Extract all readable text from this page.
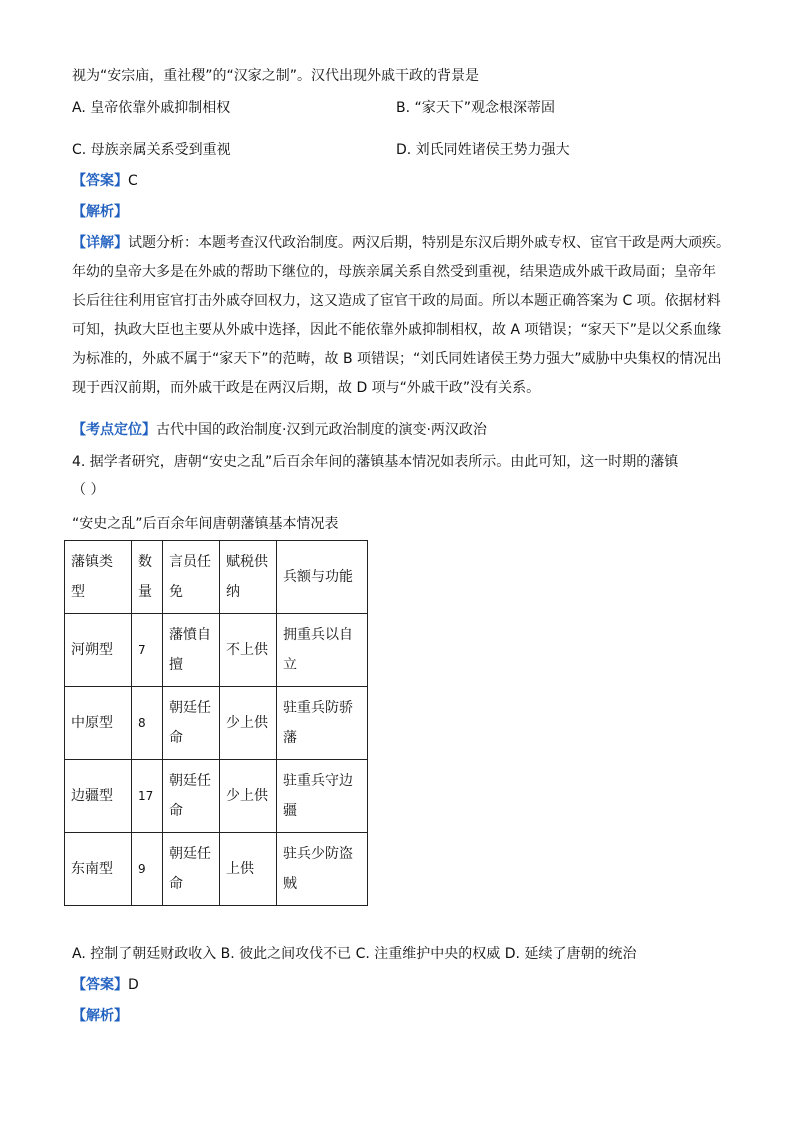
视为“安宗庙，重社稷”的“汉家之制”。汉代出现外戚干政的背景是
A. 皇帝依靠外戚抑制相权	B. “家天下”观念根深蒂固
C. 母族亲属关系受到重视	D. 刘氏同姓诸侯王势力强大
【答案】C
【解析】
【详解】试题分析：本题考查汉代政治制度。两汉后期，特别是东汉后期外戚专权、宦官干政是两大顽疾。
年幼的皇帝大多是在外戚的帮助下继位的，母族亲属关系自然受到重视，结果造成外戚干政局面；皇帝年
长后往往利用宦官打击外戚夺回权力，这又造成了宦官干政的局面。所以本题正确答案为 C 项。依据材料
可知，执政大臣也主要从外戚中选择，因此不能依靠外戚抑制相权，故 A 项错误；“家天下”是以父系血缘
为标准的，外戚不属于“家天下”的范畴，故 B 项错误；“刘氏同姓诸侯王势力强大”威胁中央集权的情况出
现于西汉前期，而外戚干政是在两汉后期，故 D 项与“外戚干政”没有关系。
【考点定位】古代中国的政治制度·汉到元政治制度的演变·两汉政治
4. 据学者研究，唐朝“安史之乱”后百余年间的藩镇基本情况如表所示。由此可知，这一时期的藩镇
（ ）
“安史之乱”后百余年间唐朝藩镇基本情况表
藩镇类型	数量	言员任免	赋税供纳	兵额与功能
河朔型	7	藩憤自擅	不上供	拥重兵以自立
中原型	8	朝廷任命	少上供	驻重兵防骄藩
边疆型	17	朝廷任命	少上供	驻重兵守边疆
东南型	9	朝廷任命	上供	驻兵少防盗贼
A. 控制了朝廷财政收入 B. 彼此之间攻伐不已 C. 注重维护中央的权威 D. 延续了唐朝的统治
【答案】D
【解析】
